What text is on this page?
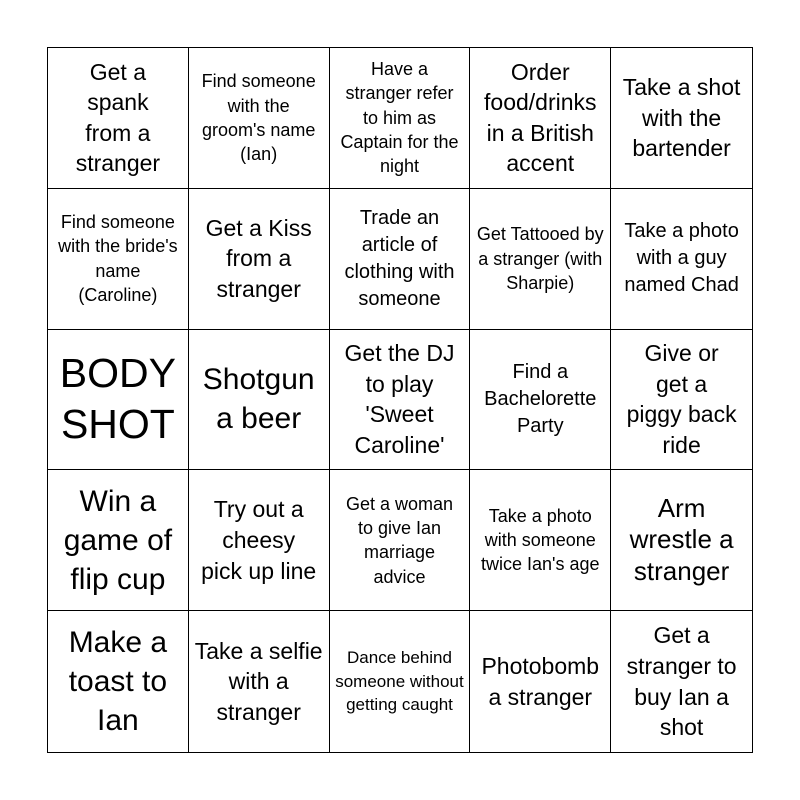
Get a spank from a stranger
Find someone with the groom's name (Ian)
Have a stranger refer to him as Captain for the night
Order food/drinks in a British accent
Take a shot with the bartender
Find someone with the bride's name (Caroline)
Get a Kiss from a stranger
Trade an article of clothing with someone
Get Tattooed by a stranger (with Sharpie)
Take a photo with a guy named Chad
BODY SHOT
Shotgun a beer
Get the DJ to play 'Sweet Caroline'
Find a Bachelorette Party
Give or get a piggy back ride
Win a game of flip cup
Try out a cheesy pick up line
Get a woman to give Ian marriage advice
Take a photo with someone twice Ian's age
Arm wrestle a stranger
Make a toast to Ian
Take a selfie with a stranger
Dance behind someone without getting caught
Photobomb a stranger
Get a stranger to buy Ian a shot
